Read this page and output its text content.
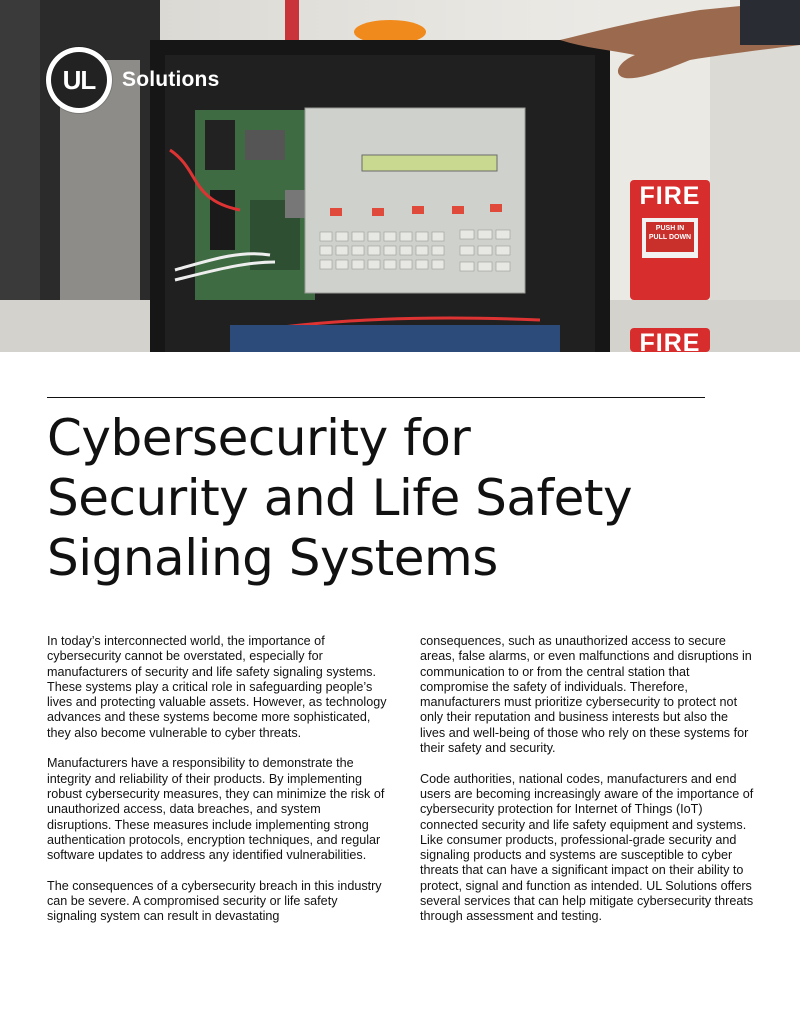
FIRE
PUSH IN
PULL DOWN
FIRE
UL	Solutions
Cybersecurity for
Security and Life Safety
Signaling Systems

In today’s interconnected world, the importance of cybersecurity cannot be overstated, especially for manufacturers of security and life safety signaling systems. These systems play a critical role in safeguarding people’s lives and protecting valuable assets. However, as technology advances and these systems become more sophisticated, they also become vulnerable to cyber threats.

Manufacturers have a responsibility to demonstrate the integrity and reliability of their products. By implementing robust cybersecurity measures, they can minimize the risk of unauthorized access, data breaches, and system disruptions. These measures include implementing strong authentication protocols, encryption techniques, and regular software updates to address any identified vulnerabilities.

The consequences of a cybersecurity breach in this industry can be severe. A compromised security or life safety signaling system can result in devastating

consequences, such as unauthorized access to secure areas, false alarms, or even malfunctions and disruptions in communication to or from the central station that compromise the safety of individuals. Therefore, manufacturers must prioritize cybersecurity to protect not only their reputation and business interests but also the lives and well-being of those who rely on these systems for their safety and security.

Code authorities, national codes, manufacturers and end users are becoming increasingly aware of the importance of cybersecurity protection for Internet of Things (IoT) connected security and life safety equipment and systems. Like consumer products, professional-grade security and signaling products and systems are susceptible to cyber threats that can have a significant impact on their ability to protect, signal and function as intended. UL Solutions offers several services that can help mitigate cybersecurity threats through assessment and testing.
